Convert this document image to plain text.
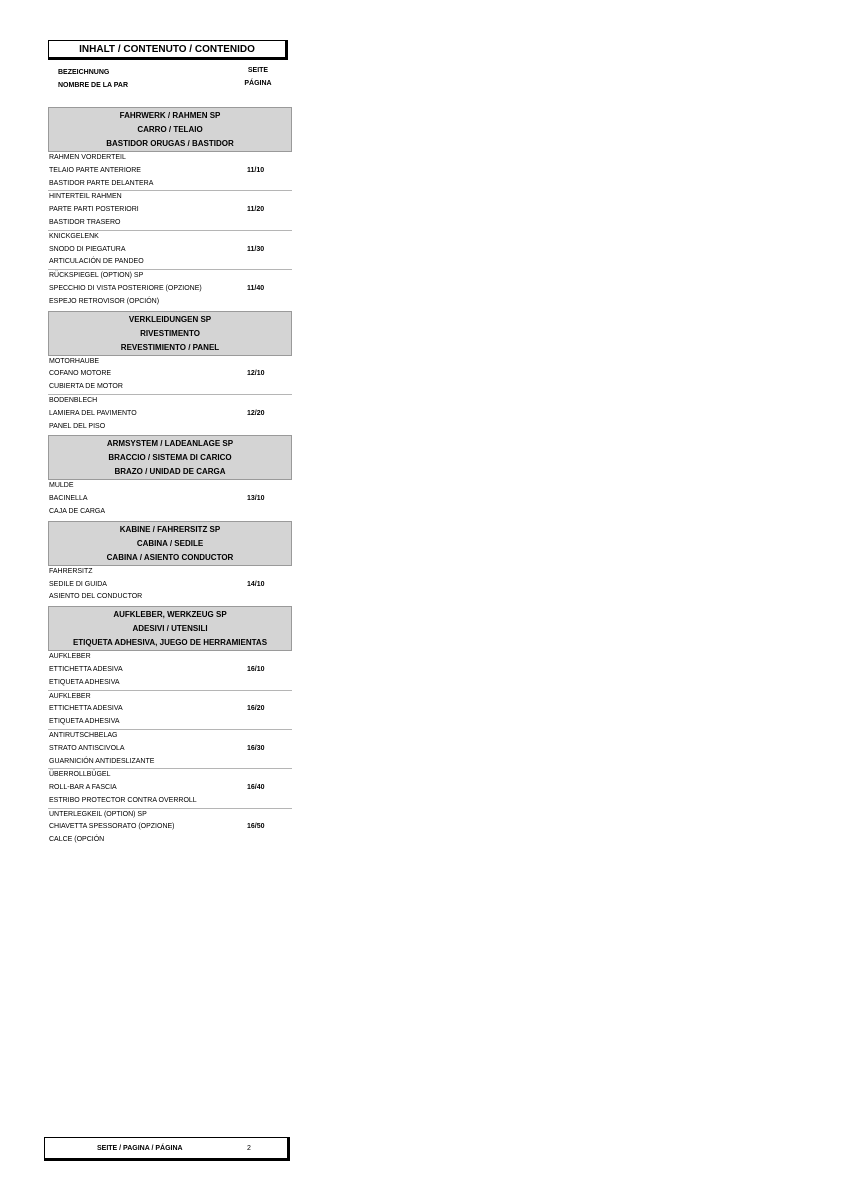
INHALT / CONTENUTO / CONTENIDO
BEZEICHNUNG
NOMBRE DE LA PAR
SEITE
PÁGINA
FAHRWERK / RAHMEN SP
CARRO / TELAIO
BASTIDOR ORUGAS / BASTIDOR
RAHMEN VORDERTEIL
TELAIO PARTE ANTERIORE
BASTIDOR PARTE DELANTERA
11/10
HINTERTEIL RAHMEN
PARTE PARTI POSTERIORI
BASTIDOR TRASERO
11/20
KNICKGELENK
SNODO DI PIEGATURA
ARTICULACIÓN DE PANDEO
11/30
RÜCKSPIEGEL (OPTION) SP
SPECCHIO DI VISTA POSTERIORE (OPZIONE)
ESPEJO RETROVISOR (OPCIÓN)
11/40
VERKLEIDUNGEN SP
RIVESTIMENTO
REVESTIMIENTO / PANEL
MOTORHAUBE
COFANO MOTORE
CUBIERTA DE MOTOR
12/10
BODENBLECH
LAMIERA DEL PAVIMENTO
PANEL DEL PISO
12/20
ARMSYSTEM / LADEANLAGE SP
BRACCIO / SISTEMA DI CARICO
BRAZO / UNIDAD DE CARGA
MULDE
BACINELLA
CAJA DE CARGA
13/10
KABINE / FAHRERSITZ SP
CABINA / SEDILE
CABINA / ASIENTO CONDUCTOR
FAHRERSITZ
SEDILE DI GUIDA
ASIENTO DEL CONDUCTOR
14/10
AUFKLEBER, WERKZEUG SP
ADESIVI / UTENSILI
ETIQUETA ADHESIVA, JUEGO DE HERRAMIENTAS
AUFKLEBER
ETTICHETTA ADESIVA
ETIQUETA ADHESIVA
16/10
AUFKLEBER
ETTICHETTA ADESIVA
ETIQUETA ADHESIVA
16/20
ANTIRUTSCHBELAG
STRATO ANTISCIVOLA
GUARNICIÓN ANTIDESLIZANTE
16/30
ÜBERROLLBÜGEL
ROLL-BAR A FASCIA
ESTRIBO PROTECTOR CONTRA OVERROLL
16/40
UNTERLEGKEIL (OPTION) SP
CHIAVETTA SPESSORATO (OPZIONE)
CALCE (OPCIÓN
16/50
SEITE / PAGINA / PÁGINA	2
